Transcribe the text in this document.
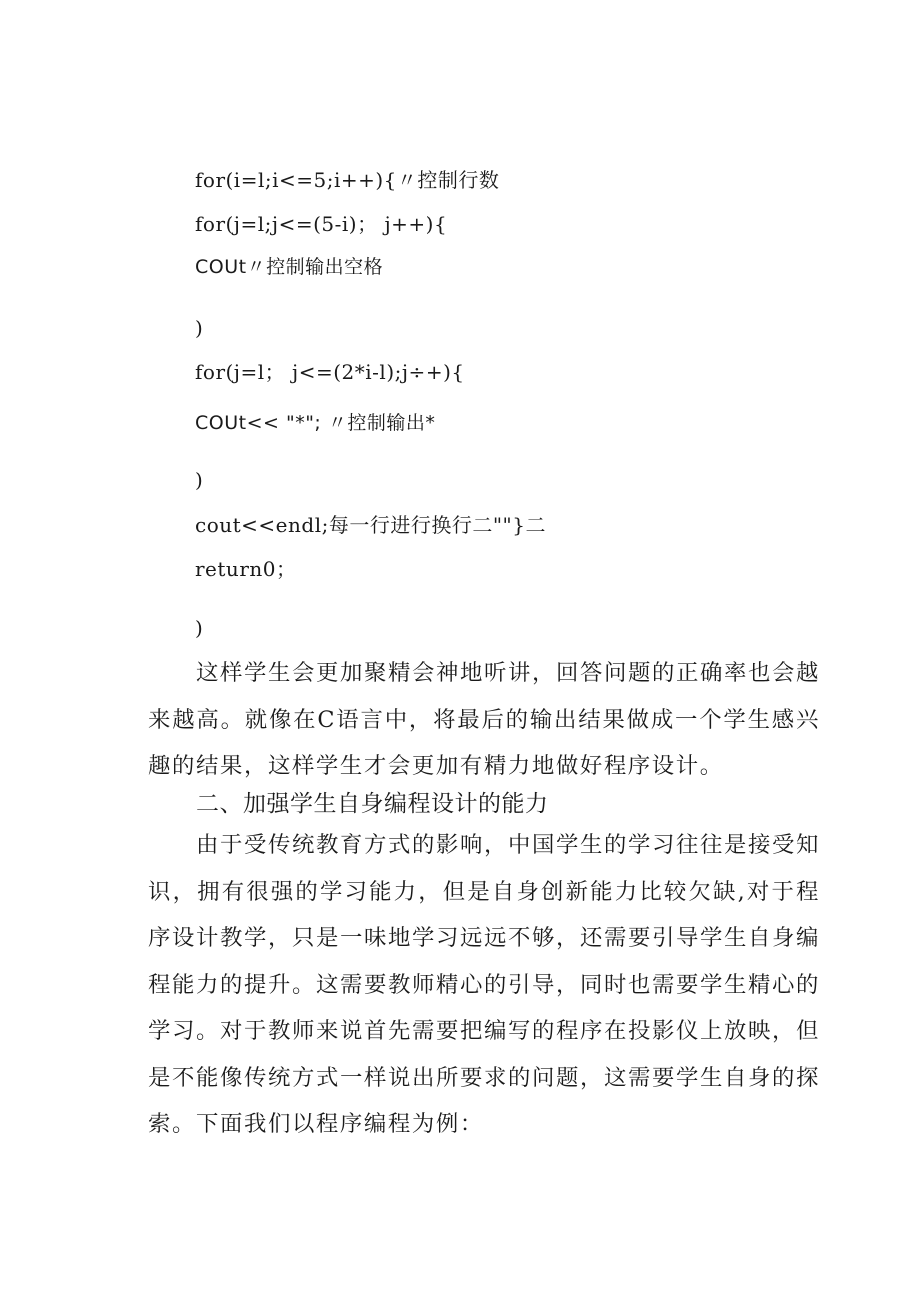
for(i=l;i<=5;i++){〃控制行数
for(j=l;j<=(5-i)； j++){
COUt〃控制输出空格
)
for(j=l； j<=(2*i-l);j÷+){
COUt<< "*"; 〃控制输出*
)
cout<<endl;每一行进行换行二""}二
return0；
)

这样学生会更加聚精会神地听讲，回答问题的正确率也会越来越高。就像在C语言中，将最后的输出结果做成一个学生感兴趣的结果，这样学生才会更加有精力地做好程序设计。

二、加强学生自身编程设计的能力

由于受传统教育方式的影响，中国学生的学习往往是接受知识，拥有很强的学习能力，但是自身创新能力比较欠缺,对于程序设计教学，只是一味地学习远远不够，还需要引导学生自身编程能力的提升。这需要教师精心的引导，同时也需要学生精心的学习。对于教师来说首先需要把编写的程序在投影仪上放映，但是不能像传统方式一样说出所要求的问题，这需要学生自身的探索。下面我们以程序编程为例：
